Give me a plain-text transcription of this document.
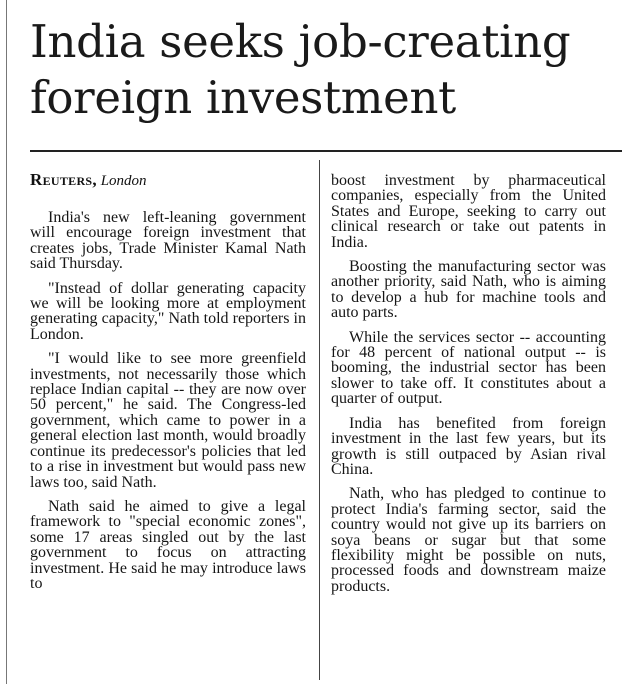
India seeks job-creating
foreign investment
Reuters, London

India's new left-leaning government will encourage foreign investment that creates jobs, Trade Minister Kamal Nath said Thursday.

"Instead of dollar generating capacity we will be looking more at employment generating capacity," Nath told reporters in London.

"I would like to see more greenfield investments, not necessarily those which replace Indian capital -- they are now over 50 percent," he said. The Congress-led government, which came to power in a general election last month, would broadly continue its predecessor's policies that led to a rise in investment but would pass new laws too, said Nath.

Nath said he aimed to give a legal framework to "special economic zones", some 17 areas singled out by the last government to focus on attracting investment. He said he may introduce laws to

boost investment by pharmaceutical companies, especially from the United States and Europe, seeking to carry out clinical research or take out patents in India.

Boosting the manufacturing sector was another priority, said Nath, who is aiming to develop a hub for machine tools and auto parts.

While the services sector -- accounting for 48 percent of national output -- is booming, the industrial sector has been slower to take off. It constitutes about a quarter of output.

India has benefited from foreign investment in the last few years, but its growth is still outpaced by Asian rival China.

Nath, who has pledged to continue to protect India's farming sector, said the country would not give up its barriers on soya beans or sugar but that some flexibility might be possible on nuts, processed foods and downstream maize products.
